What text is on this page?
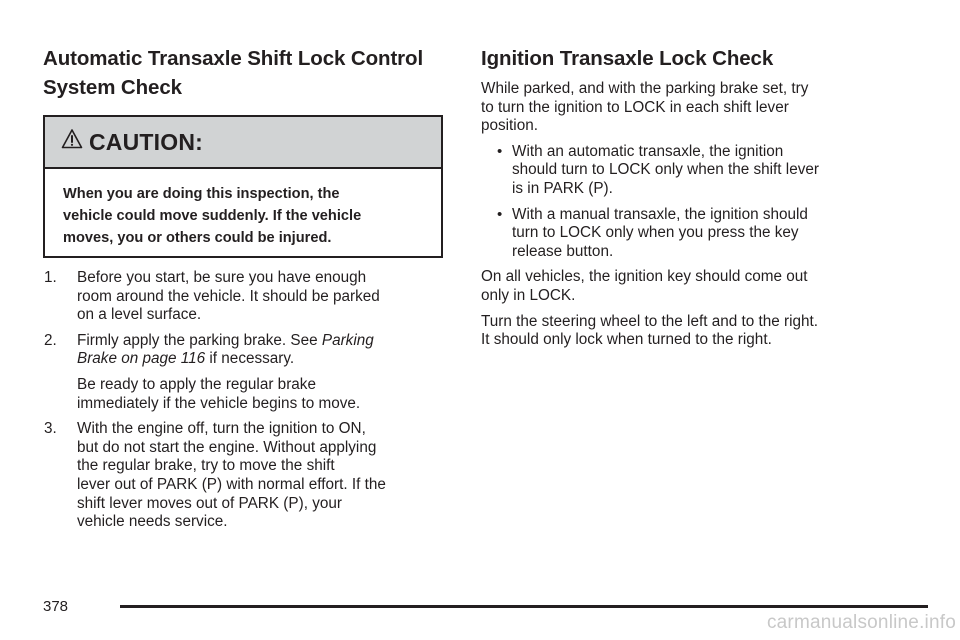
Automatic Transaxle Shift Lock Control
System Check
CAUTION:
When you are doing this inspection, the
vehicle could move suddenly. If the vehicle
moves, you or others could be injured.
1. Before you start, be sure you have enough
room around the vehicle. It should be parked
on a level surface.
2. Firmly apply the parking brake. See Parking
Brake on page 116 if necessary.
Be ready to apply the regular brake
immediately if the vehicle begins to move.
3. With the engine off, turn the ignition to ON,
but do not start the engine. Without applying
the regular brake, try to move the shift
lever out of PARK (P) with normal effort. If the
shift lever moves out of PARK (P), your
vehicle needs service.
Ignition Transaxle Lock Check

While parked, and with the parking brake set, try
to turn the ignition to LOCK in each shift lever
position.

• With an automatic transaxle, the ignition
should turn to LOCK only when the shift lever
is in PARK (P).
• With a manual transaxle, the ignition should
turn to LOCK only when you press the key
release button.

On all vehicles, the ignition key should come out
only in LOCK.

Turn the steering wheel to the left and to the right.
It should only lock when turned to the right.

378
carmanualsonline.info
